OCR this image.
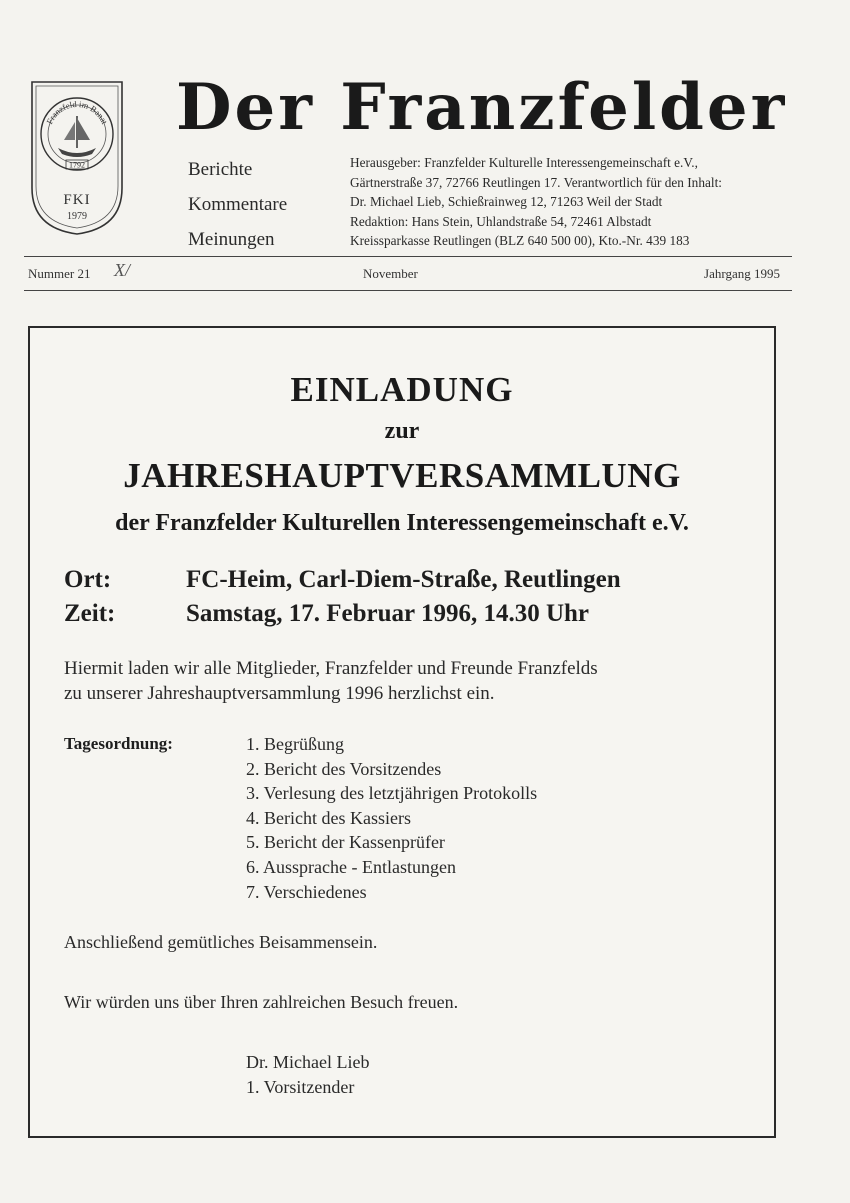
Franzfeld im Banat
1792
FKI
1979
Der Franzfelder
Berichte
Kommentare
Meinungen
Herausgeber: Franzfelder Kulturelle Interessengemeinschaft e.V.,
Gärtnerstraße 37, 72766 Reutlingen 17. Verantwortlich für den Inhalt:
Dr. Michael Lieb, Schießrainweg 12, 71263 Weil der Stadt
Redaktion: Hans Stein, Uhlandstraße 54, 72461 Albstadt
Kreissparkasse Reutlingen (BLZ 640 500 00), Kto.-Nr. 439 183
Nummer 21 X/	November	Jahrgang 1995
EINLADUNG
zur
JAHRESHAUPTVERSAMMLUNG
der Franzfelder Kulturellen Interessengemeinschaft e.V.
Ort:	FC-Heim, Carl-Diem-Straße, Reutlingen
Zeit:	Samstag, 17. Februar 1996, 14.30 Uhr
Hiermit laden wir alle Mitglieder, Franzfelder und Freunde Franzfelds
zu unserer Jahreshauptversammlung 1996 herzlichst ein.
Tagesordnung:	1. Begrüßung
2. Bericht des Vorsitzendes
3. Verlesung des letztjährigen Protokolls
4. Bericht des Kassiers
5. Bericht der Kassenprüfer
6. Aussprache - Entlastungen
7. Verschiedenes
Anschließend gemütliches Beisammensein.
Wir würden uns über Ihren zahlreichen Besuch freuen.
Dr. Michael Lieb
1. Vorsitzender
